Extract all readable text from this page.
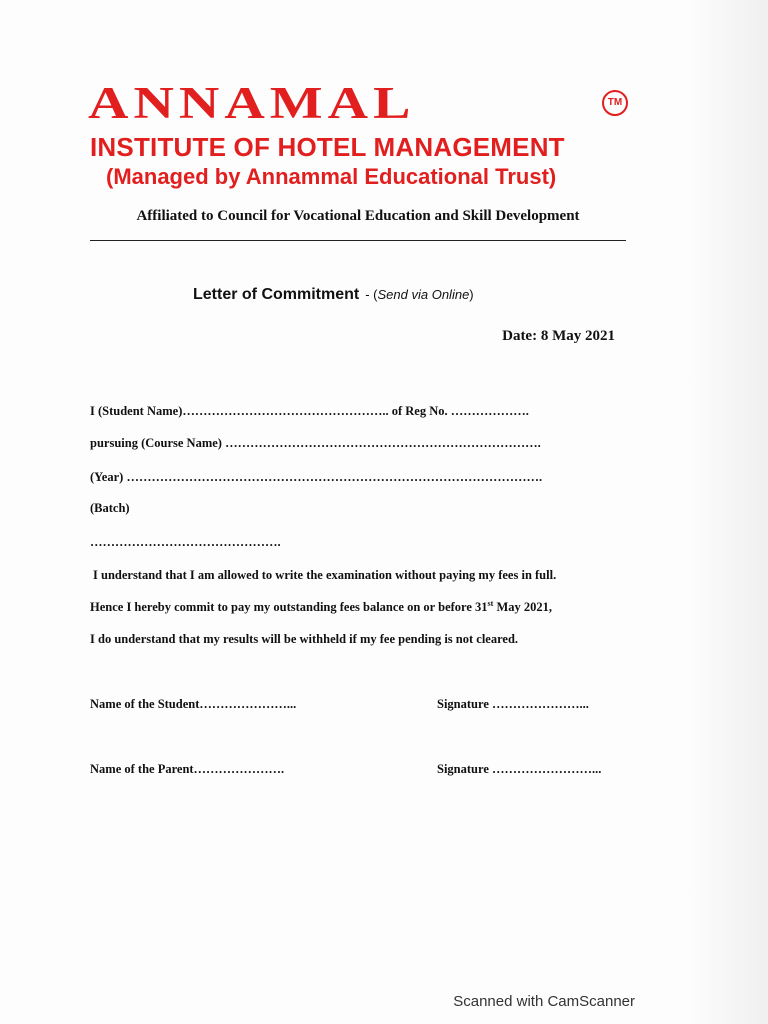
ANNAMAL	TM
INSTITUTE OF HOTEL MANAGEMENT
(Managed by Annammal Educational Trust)
Affiliated to Council for Vocational Education and Skill Development
Letter of Commitment - (Send via Online)
Date: 8 May 2021
I (Student Name)………………………………………….. of Reg No. ……………….
pursuing (Course Name) ………………………………………………………………….
(Year) ……………………………………………………………………………………….
(Batch)
……………………………………….
I understand that I am allowed to write the examination without paying my fees in full.
Hence I hereby commit to pay my outstanding fees balance on or before 31st May 2021,
I do understand that my results will be withheld if my fee pending is not cleared.
Name of the Student…………………...	Signature …………………...
Name of the Parent………………….	Signature ……………………...
Scanned with CamScanner
